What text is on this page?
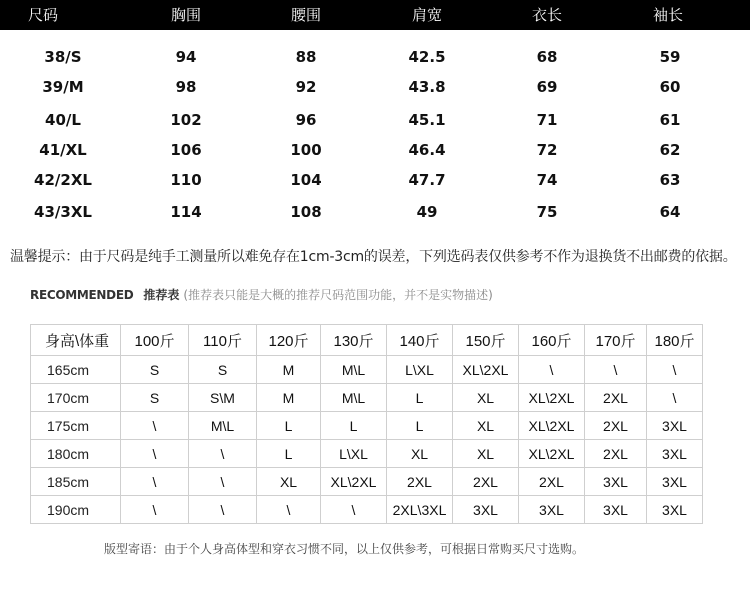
尺码	胸围	腰围	肩宽	衣长	袖长
38/S	94	88	42.5	68	59
39/M	98	92	43.8	69	60
40/L	102	96	45.1	71	61
41/XL	106	100	46.4	72	62
42/2XL	110	104	47.7	74	63
43/3XL	114	108	49	75	64
温馨提示：由于尺码是纯手工测量所以难免存在1cm-3cm的误差，下列选码表仅供参考不作为退换货不出邮费的依据。
RECOMMENDED 推荐表 (推荐表只能是大概的推荐尺码范围功能，并不是实物描述)
身高\体重	100斤	110斤	120斤	130斤	140斤	150斤	160斤	170斤	180斤
165cm	S	S	M	M\L	L\XL	XL\2XL	\	\	\
170cm	S	S\M	M	M\L	L	XL	XL\2XL	2XL	\
175cm	\	M\L	L	L	L	XL	XL\2XL	2XL	3XL
180cm	\	\	L	L\XL	XL	XL	XL\2XL	2XL	3XL
185cm	\	\	XL	XL\2XL	2XL	2XL	2XL	3XL	3XL
190cm	\	\	\	\	2XL\3XL	3XL	3XL	3XL	3XL
版型寄语：由于个人身高体型和穿衣习惯不同，以上仅供参考，可根据日常购买尺寸选购。
